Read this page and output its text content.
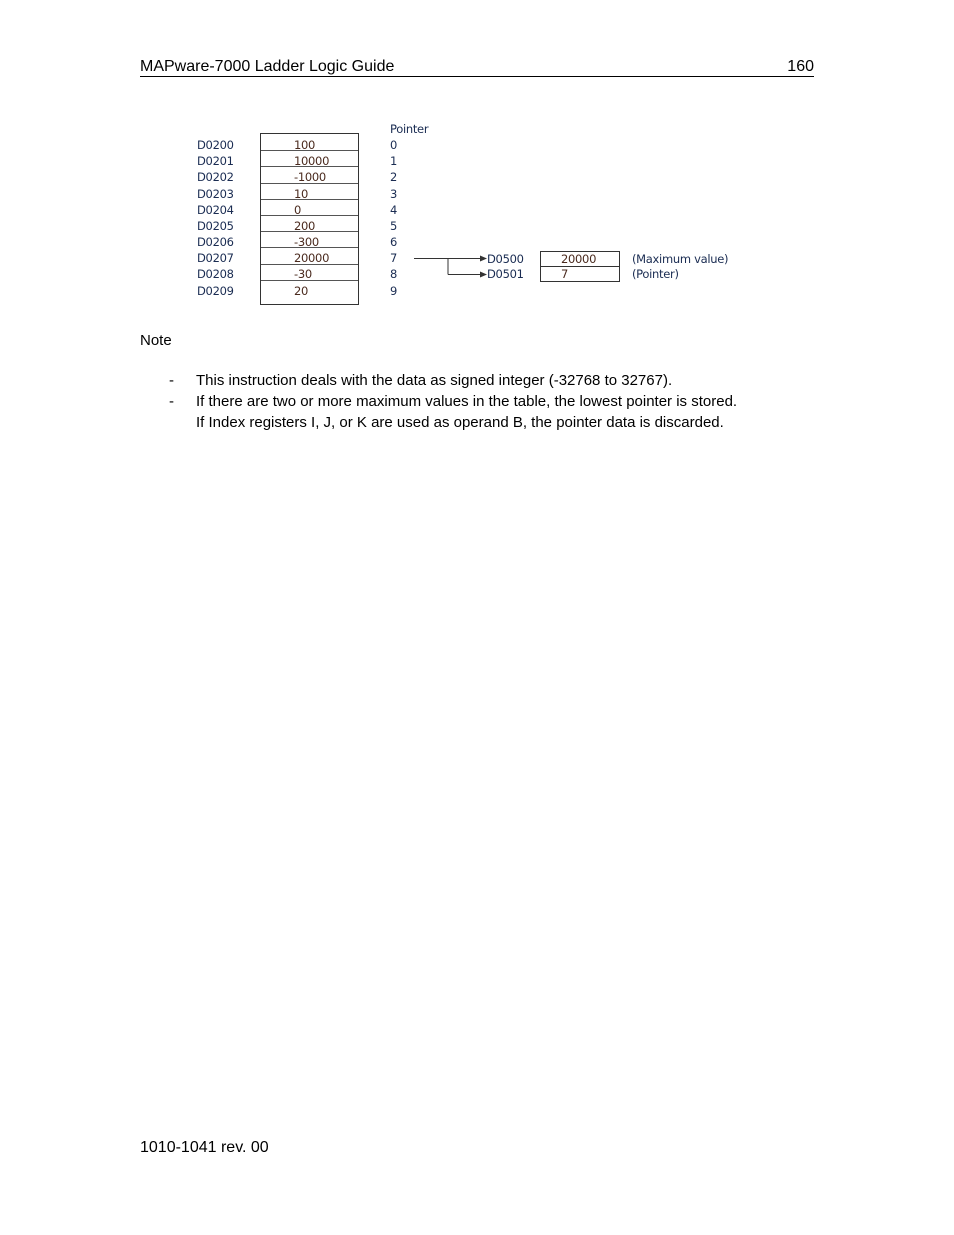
MAPware-7000 Ladder Logic Guide	160
Pointer
D0200
D0201
D0202
D0203
D0204
D0205
D0206
D0207
D0208
D0209
100
10000
-1000
10
0
200
-300
20000
-30
20
0
1
2
3
4
5
6
7
8
9
D0500
D0501
20000
7
(Maximum value)
(Pointer)
Note
- This instruction deals with the data as signed integer (-32768 to 32767).
- If there are two or more maximum values in the table, the lowest pointer is stored.
If Index registers I, J, or K are used as operand B, the pointer data is discarded.
1010-1041 rev. 00
